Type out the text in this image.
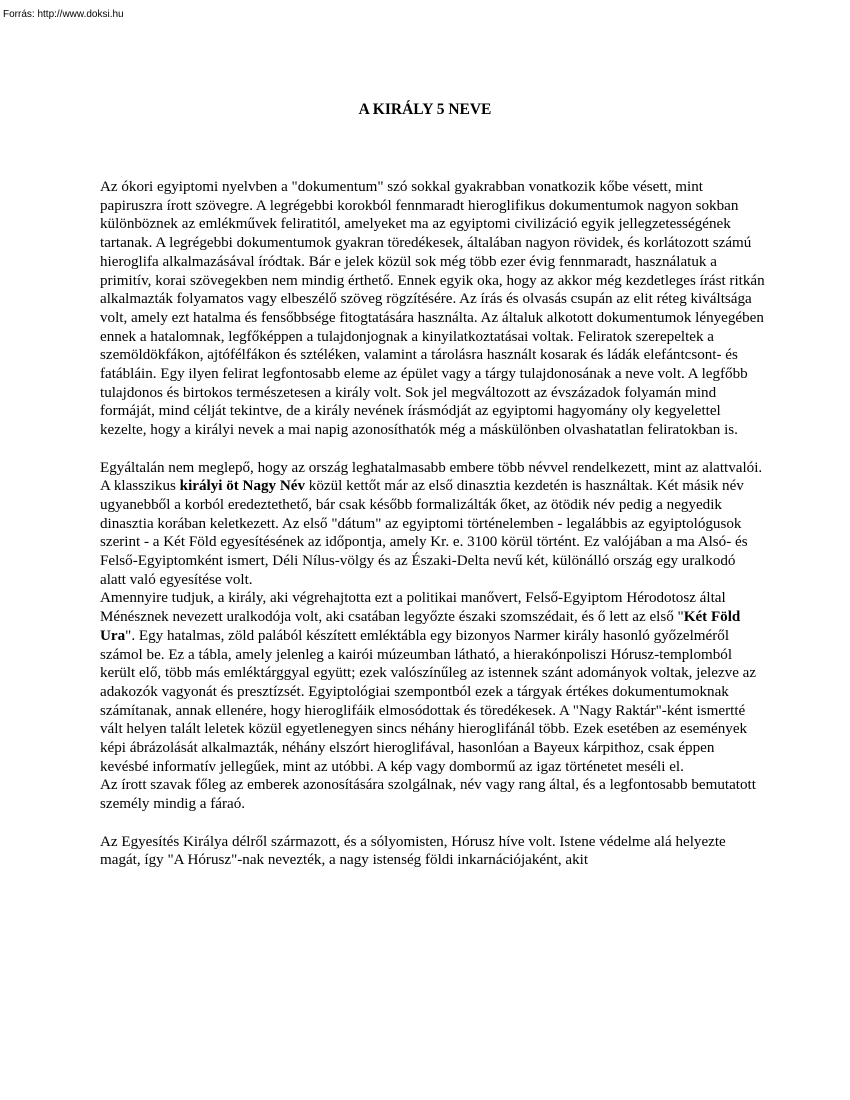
Forrás: http://www.doksi.hu
A KIRÁLY 5 NEVE

Az ókori egyiptomi nyelvben a "dokumentum" szó sokkal gyakrabban vonatkozik kőbe vésett, mint papiruszra írott szövegre. A legrégebbi korokból fennmaradt hieroglifikus dokumentumok nagyon sokban különböznek az emlékművek feliratitól, amelyeket ma az egyiptomi civilizáció egyik jellegzetességének tartanak. A legrégebbi dokumentumok gyakran töredékesek, általában nagyon rövidek, és korlátozott számú hieroglifa alkalmazásával íródtak. Bár e jelek közül sok még több ezer évig fennmaradt, használatuk a primitív, korai szövegekben nem mindig érthető. Ennek egyik oka, hogy az akkor még kezdetleges írást ritkán alkalmazták folyamatos vagy elbeszélő szöveg rögzítésére. Az írás és olvasás csupán az elit réteg kiváltsága volt, amely ezt hatalma és fensőbbsége fitogtatására használta. Az általuk alkotott dokumentumok lényegében ennek a hatalomnak, legfőképpen a tulajdonjognak a kinyilatkoztatásai voltak. Feliratok szerepeltek a szemöldökfákon, ajtófélfákon és sztéléken, valamint a tárolásra használt kosarak és ládák elefántcsont- és fatábláin. Egy ilyen felirat legfontosabb eleme az épület vagy a tárgy tulajdonosának a neve volt. A legfőbb tulajdonos és birtokos természetesen a király volt. Sok jel megváltozott az évszázadok folyamán mind formáját, mind célját tekintve, de a király nevének írásmódját az egyiptomi hagyomány oly kegyelettel kezelte, hogy a királyi nevek a mai napig azonosíthatók még a máskülönben olvashatatlan feliratokban is.

Egyáltalán nem meglepő, hogy az ország leghatalmasabb embere több névvel rendelkezett, mint az alattvalói. A klasszikus királyi öt Nagy Név közül kettőt már az első dinasztia kezdetén is használtak. Két másik név ugyanebből a korból eredeztethető, bár csak később formalizálták őket, az ötödik név pedig a negyedik dinasztia korában keletkezett. Az első "dátum" az egyiptomi történelemben - legalábbis az egyiptológusok szerint - a Két Föld egyesítésének az időpontja, amely Kr. e. 3100 körül történt. Ez valójában a ma Alsó- és Felső-Egyiptomként ismert, Déli Nílus-völgy és az Északi-Delta nevű két, különálló ország egy uralkodó alatt való egyesítése volt.

Amennyire tudjuk, a király, aki végrehajtotta ezt a politikai manővert, Felső-Egyiptom Hérodotosz által Ménésznek nevezett uralkodója volt, aki csatában legyőzte északi szomszédait, és ő lett az első "Két Föld Ura". Egy hatalmas, zöld palából készített emléktábla egy bizonyos Narmer király hasonló győzelméről számol be. Ez a tábla, amely jelenleg a kairói múzeumban látható, a hierakónpoliszi Hórusz-templomból került elő, több más emléktárggyal együtt; ezek valószínűleg az istennek szánt adományok voltak, jelezve az adakozók vagyonát és presztízsét. Egyiptológiai szempontból ezek a tárgyak értékes dokumentumoknak számítanak, annak ellenére, hogy hieroglifáik elmosódottak és töredékesek. A "Nagy Raktár"-ként ismertté vált helyen talált leletek közül egyetlenegyen sincs néhány hieroglifánál több. Ezek esetében az események képi ábrázolását alkalmazták, néhány elszórt hieroglifával, hasonlóan a Bayeux kárpithoz, csak éppen kevésbé informatív jellegűek, mint az utóbbi. A kép vagy dombormű az igaz történetet meséli el.

Az írott szavak főleg az emberek azonosítására szolgálnak, név vagy rang által, és a legfontosabb bemutatott személy mindig a fáraó.

Az Egyesítés Királya délről származott, és a sólyomisten, Hórusz híve volt. Istene védelme alá helyezte magát, így "A Hórusz"-nak nevezték, a nagy istenség földi inkarnációjaként, akit
